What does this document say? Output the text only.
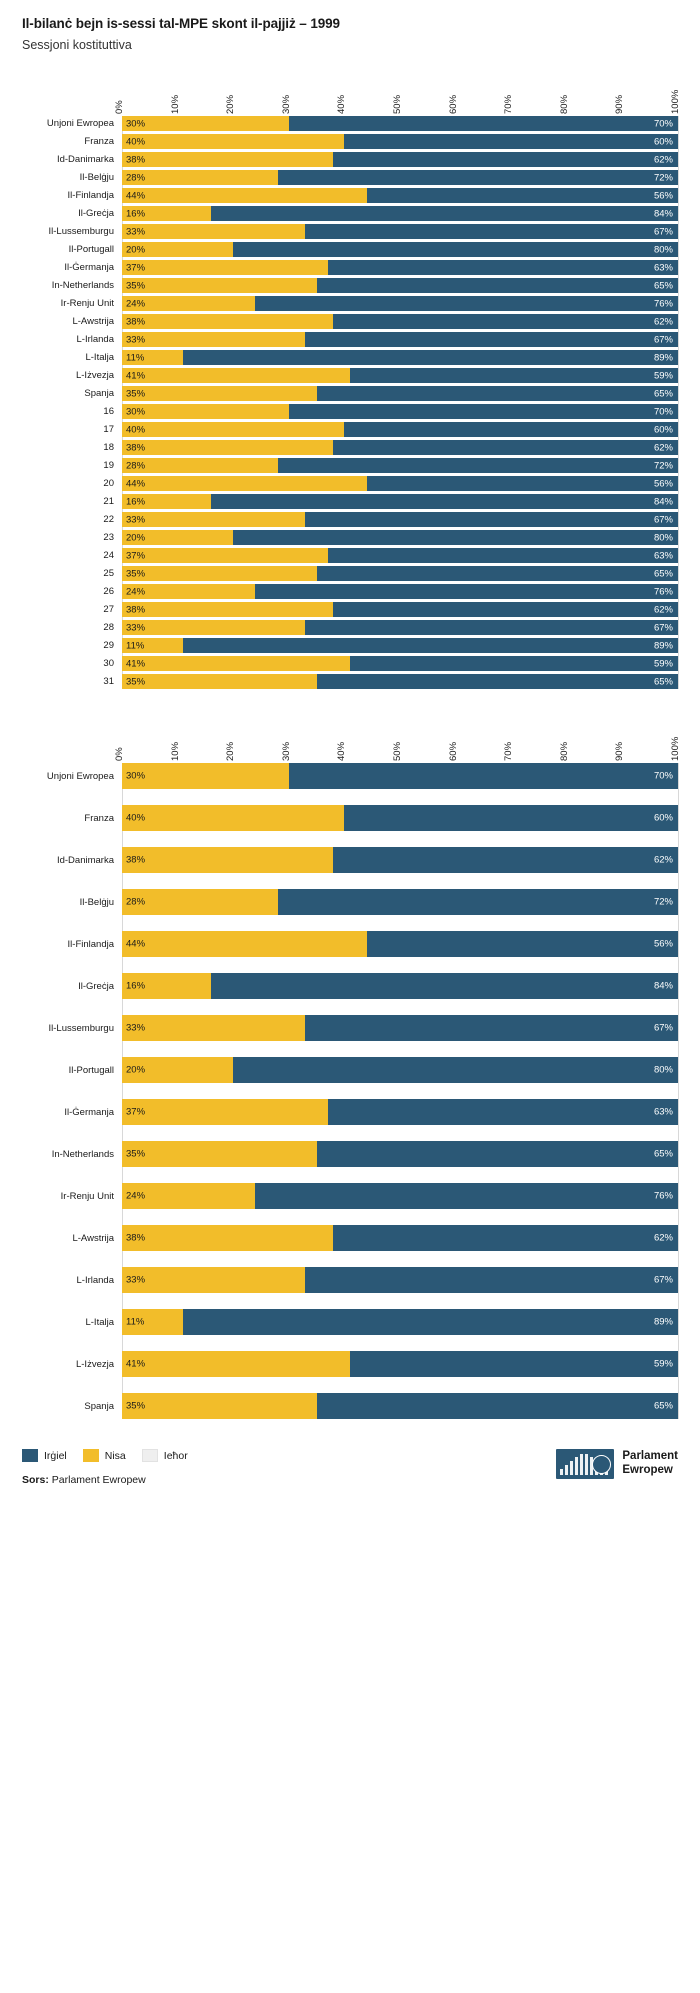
Il-bilanċ bejn is-sessi tal-MPE skont il-pajjiż – 1999
Sessjoni kostituttiva
0%	10%	20%	30%	40%	50%	60%	70%	80%	90%	100%
Unjoni Ewropea	30%	70%
Franza	40%	60%
Id-Danimarka	38%	62%
Il-Belġju	28%	72%
Il-Finlandja	44%	56%
Il-Greċja	16%	84%
Il-Lussemburgu	33%	67%
Il-Portugall	20%	80%
Il-Ġermanja	37%	63%
In-Netherlands	35%	65%
Ir-Renju Unit	24%	76%
L-Awstrija	38%	62%
L-Irlanda	33%	67%
L-Italja	11%	89%
L-Iżvezja	41%	59%
Spanja	35%	65%
16	30%	70%
17	40%	60%
18	38%	62%
19	28%	72%
20	44%	56%
21	16%	84%
22	33%	67%
23	20%	80%
24	37%	63%
25	35%	65%
26	24%	76%
27	38%	62%
28	33%	67%
29	11%	89%
30	41%	59%
31	35%	65%
0%	10%	20%	30%	40%	50%	60%	70%	80%	90%	100%
Unjoni Ewropea	30%	70%
Franza	40%	60%
Id-Danimarka	38%	62%
Il-Belġju	28%	72%
Il-Finlandja	44%	56%
Il-Greċja	16%	84%
Il-Lussemburgu	33%	67%
Il-Portugall	20%	80%
Il-Ġermanja	37%	63%
In-Netherlands	35%	65%
Ir-Renju Unit	24%	76%
L-Awstrija	38%	62%
L-Irlanda	33%	67%
L-Italja	11%	89%
L-Iżvezja	41%	59%
Spanja	35%	65%
Irġiel	Nisa	Ieħor
Sors: Parlament Ewropew
Parlament
Ewropew
